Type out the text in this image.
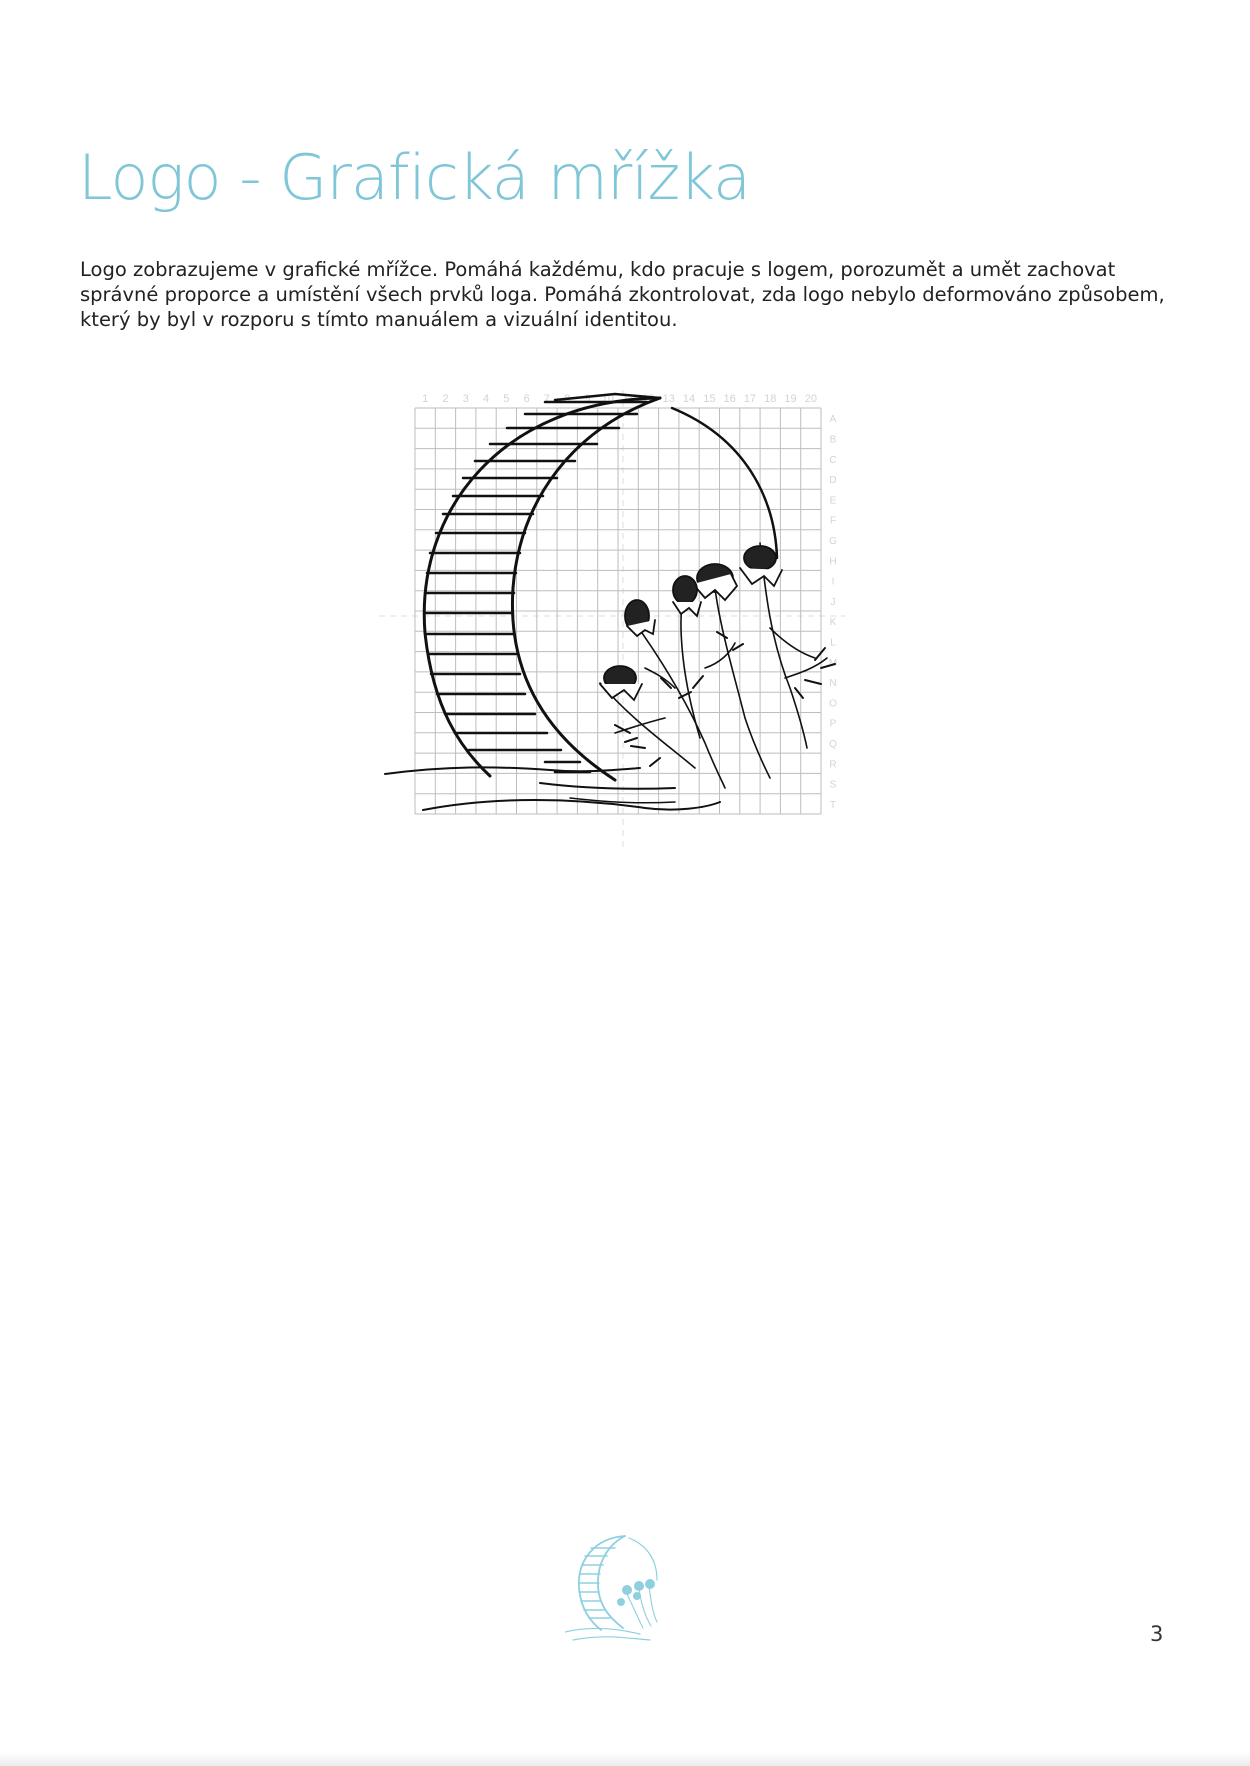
Logo - Grafická mřížka

Logo zobrazujeme v grafické mřížce. Pomáhá každému, kdo pracuje s logem, porozumět a umět zachovat správné proporce a umístění všech prvků loga. Pomáhá zkontrolovat, zda logo nebylo deformováno způsobem, který by byl v rozporu s tímto manuálem a vizuální identitou.

1 2 3 4 5 6 7 8 9 10 11 12 13 14 15 16 17 18 19 20
A
B
C
D
E
F
G
H
I
J
K
L
M
N
O
P
Q
R
S
T

3
